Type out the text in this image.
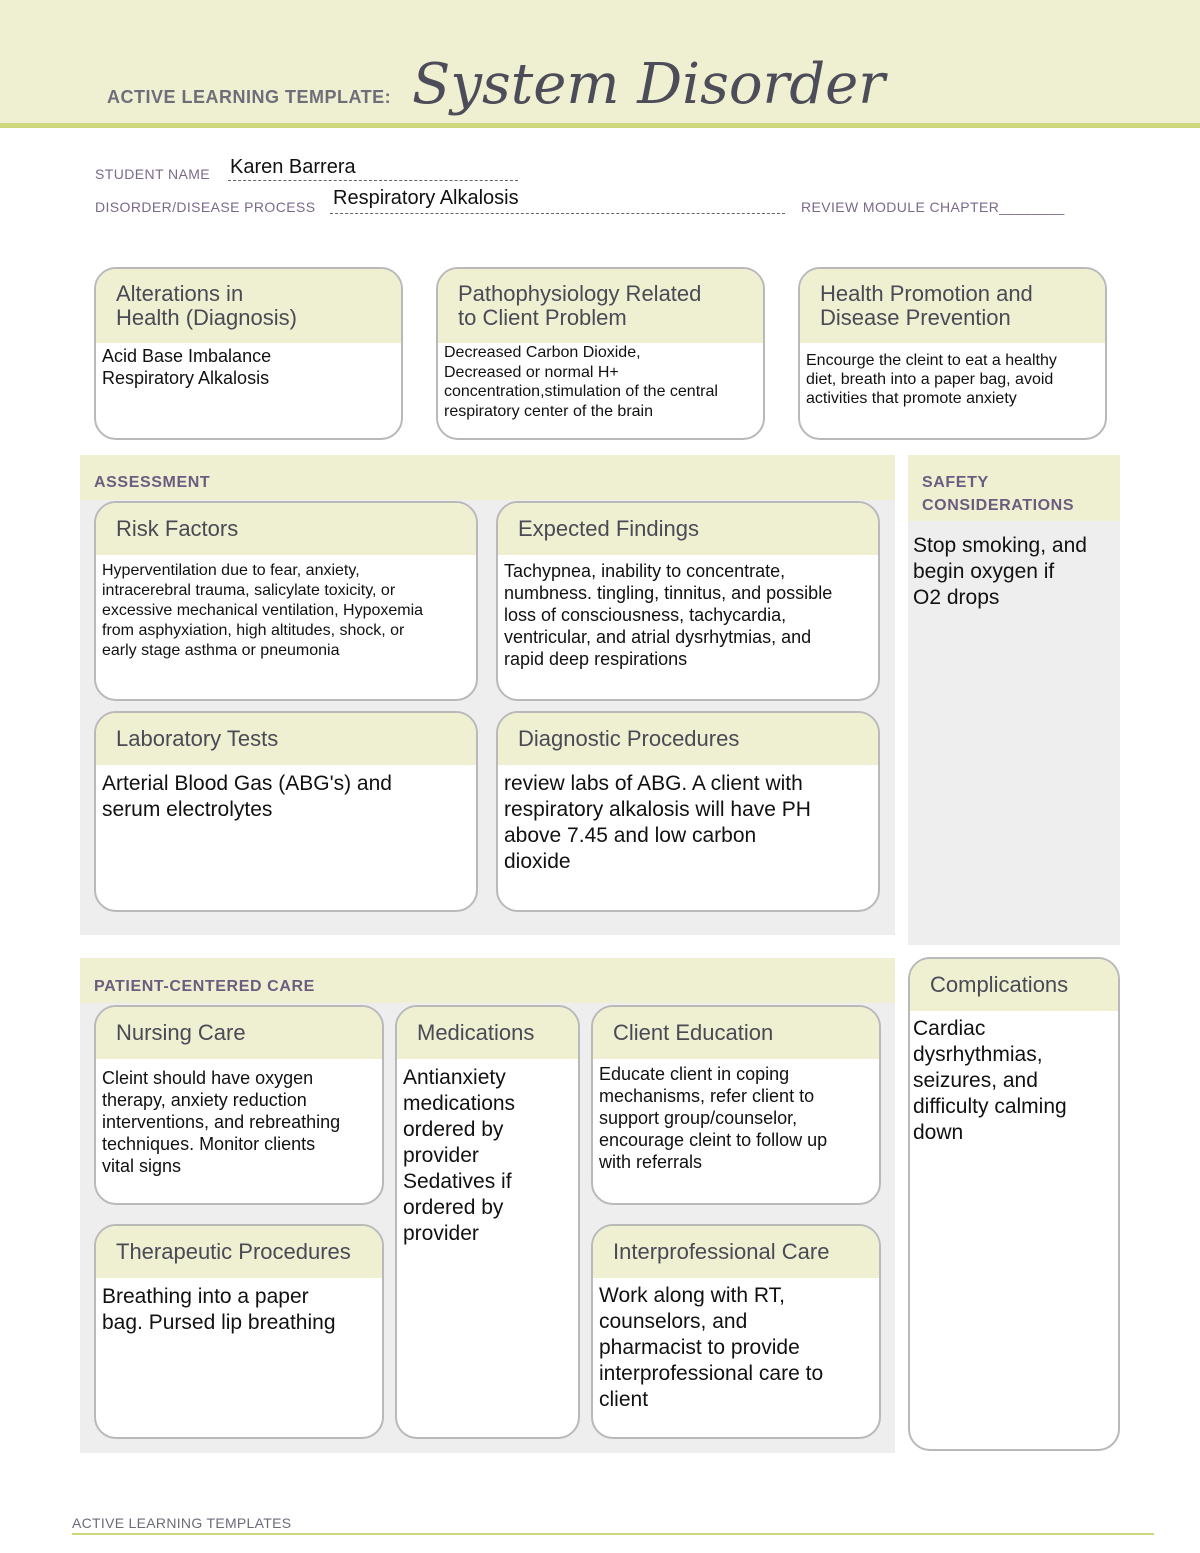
ACTIVE LEARNING TEMPLATE: System Disorder
STUDENT NAME Karen Barrera
DISORDER/DISEASE PROCESS Respiratory Alkalosis	REVIEW MODULE CHAPTER________
Alterations in
Health (Diagnosis)
Acid Base Imbalance
Respiratory Alkalosis
Pathophysiology Related
to Client Problem
Decreased Carbon Dioxide,
Decreased or normal H+
concentration,stimulation of the central
respiratory center of the brain
Health Promotion and
Disease Prevention
Encourge the cleint to eat a healthy
diet, breath into a paper bag, avoid
activities that promote anxiety
ASSESSMENT
Risk Factors
Hyperventilation due to fear, anxiety,
intracerebral trauma, salicylate toxicity, or
excessive mechanical ventilation, Hypoxemia
from asphyxiation, high altitudes, shock, or
early stage asthma or pneumonia
Expected Findings
Tachypnea, inability to concentrate,
numbness. tingling, tinnitus, and possible
loss of consciousness, tachycardia,
ventricular, and atrial dysrhytmias, and
rapid deep respirations
Laboratory Tests
Arterial Blood Gas (ABG's) and
serum electrolytes
Diagnostic Procedures
review labs of ABG. A client with
respiratory alkalosis will have PH
above 7.45 and low carbon
dioxide
SAFETY
CONSIDERATIONS
Stop smoking, and
begin oxygen if
O2 drops
PATIENT-CENTERED CARE
Nursing Care
Cleint should have oxygen
therapy, anxiety reduction
interventions, and rebreathing
techniques. Monitor clients
vital signs
Medications
Antianxiety
medications
ordered by
provider
Sedatives if
ordered by
provider
Client Education
Educate client in coping
mechanisms, refer client to
support group/counselor,
encourage cleint to follow up
with referrals
Therapeutic Procedures
Breathing into a paper
bag. Pursed lip breathing
Interprofessional Care
Work along with RT,
counselors, and
pharmacist to provide
interprofessional care to
client
Complications
Cardiac
dysrhythmias,
seizures, and
difficulty calming
down
ACTIVE LEARNING TEMPLATES
